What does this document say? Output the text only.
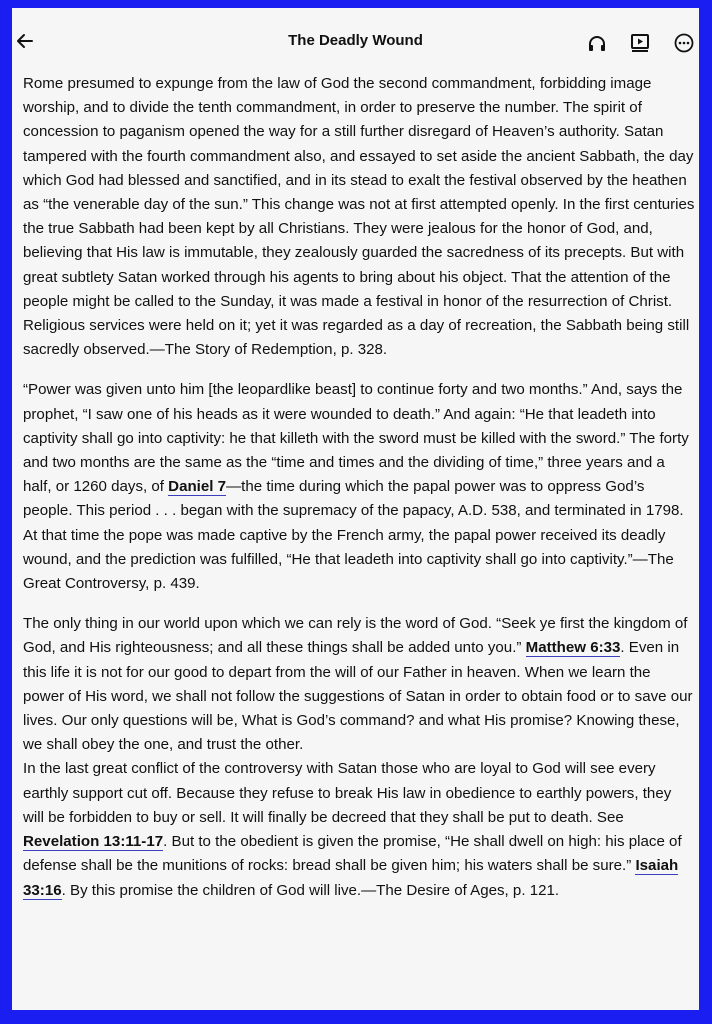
The Deadly Wound

Rome presumed to expunge from the law of God the second commandment, forbidding image worship, and to divide the tenth commandment, in order to preserve the number. The spirit of concession to paganism opened the way for a still further disregard of Heaven’s authority. Satan tampered with the fourth commandment also, and essayed to set aside the ancient Sabbath, the day which God had blessed and sanctified, and in its stead to exalt the festival observed by the heathen as “the venerable day of the sun.” This change was not at first attempted openly. In the first centuries the true Sabbath had been kept by all Christians. They were jealous for the honor of God, and, believing that His law is immutable, they zealously guarded the sacredness of its precepts. But with great subtlety Satan worked through his agents to bring about his object. That the attention of the people might be called to the Sunday, it was made a festival in honor of the resurrection of Christ. Religious services were held on it; yet it was regarded as a day of recreation, the Sabbath being still sacredly observed.—The Story of Redemption, p. 328.

“Power was given unto him [the leopardlike beast] to continue forty and two months.” And, says the prophet, “I saw one of his heads as it were wounded to death.” And again: “He that leadeth into captivity shall go into captivity: he that killeth with the sword must be killed with the sword.” The forty and two months are the same as the “time and times and the dividing of time,” three years and a half, or 1260 days, of Daniel 7—the time during which the papal power was to oppress God’s people. This period . . . began with the supremacy of the papacy, A.D. 538, and terminated in 1798. At that time the pope was made captive by the French army, the papal power received its deadly wound, and the prediction was fulfilled, “He that leadeth into captivity shall go into captivity.”—The Great Controversy, p. 439.

The only thing in our world upon which we can rely is the word of God. “Seek ye first the kingdom of God, and His righteousness; and all these things shall be added unto you.” Matthew 6:33. Even in this life it is not for our good to depart from the will of our Father in heaven. When we learn the power of His word, we shall not follow the suggestions of Satan in order to obtain food or to save our lives. Our only questions will be, What is God’s command? and what His promise? Knowing these, we shall obey the one, and trust the other.

In the last great conflict of the controversy with Satan those who are loyal to God will see every earthly support cut off. Because they refuse to break His law in obedience to earthly powers, they will be forbidden to buy or sell. It will finally be decreed that they shall be put to death. See Revelation 13:11-17. But to the obedient is given the promise, “He shall dwell on high: his place of defense shall be the munitions of rocks: bread shall be given him; his waters shall be sure.” Isaiah 33:16. By this promise the children of God will live.—The Desire of Ages, p. 121.
